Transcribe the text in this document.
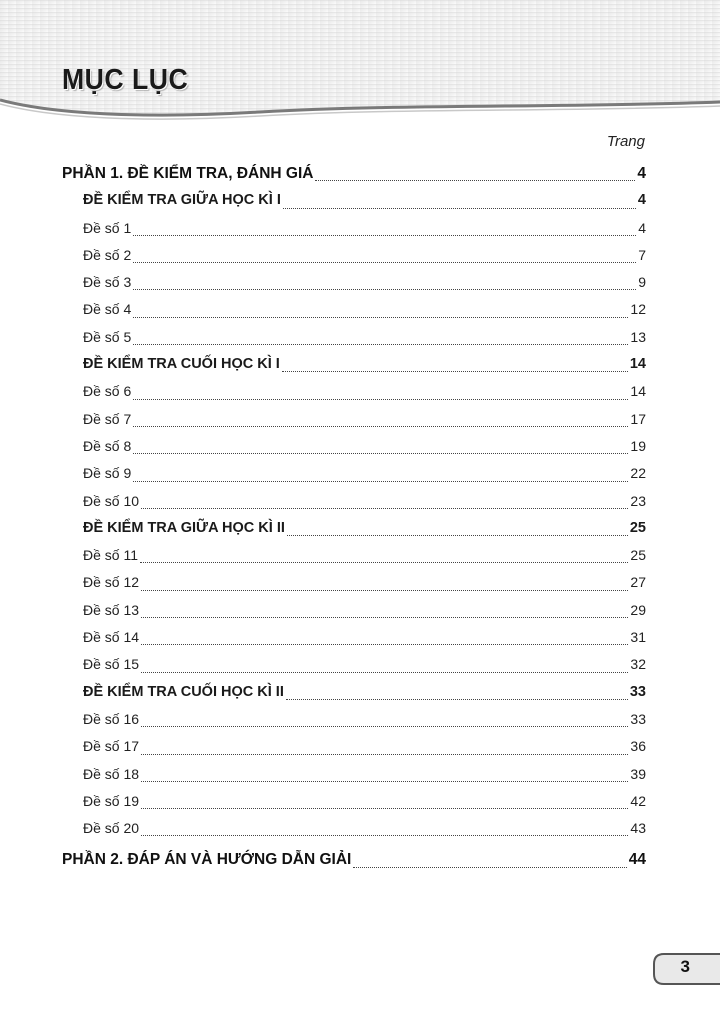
MỤC LỤC
Trang
PHẦN 1. ĐỀ KIỂM TRA, ĐÁNH GIÁ	4
ĐỀ KIỂM TRA GIỮA HỌC KÌ I	4
Đề số 1	4
Đề số 2	7
Đề số 3	9
Đề số 4	12
Đề số 5	13
ĐỀ KIỂM TRA CUỐI HỌC KÌ I	14
Đề số 6	14
Đề số 7	17
Đề số 8	19
Đề số 9	22
Đề số 10	23
ĐỀ KIỂM TRA GIỮA HỌC KÌ II	25
Đề số 11	25
Đề số 12	27
Đề số 13	29
Đề số 14	31
Đề số 15	32
ĐỀ KIỂM TRA CUỐI HỌC KÌ II	33
Đề số 16	33
Đề số 17	36
Đề số 18	39
Đề số 19	42
Đề số 20	43
PHẦN 2. ĐÁP ÁN VÀ HƯỚNG DẪN GIẢI	44
3
